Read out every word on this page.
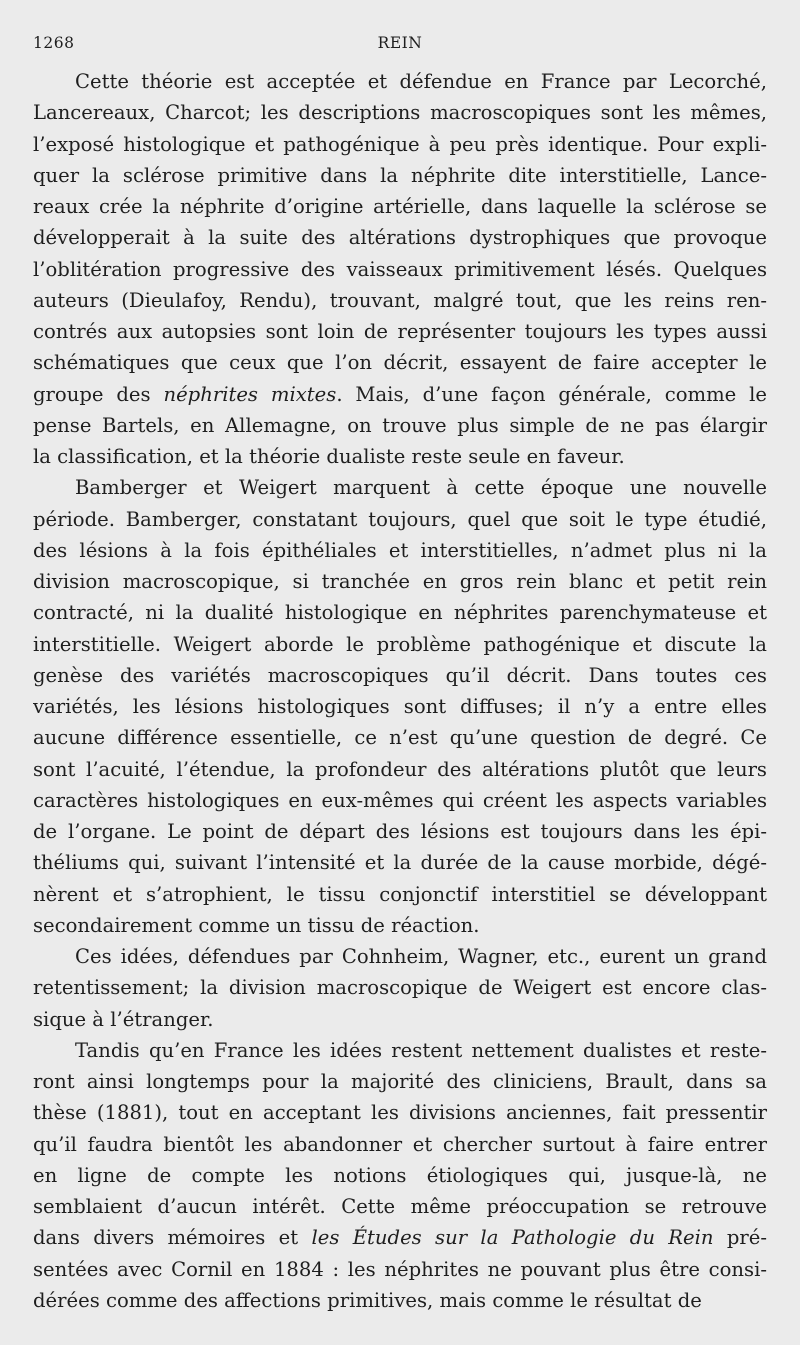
1268	REIN
Cette théorie est acceptée et défendue en France par Lecorché,
Lancereaux, Charcot; les descriptions macroscopiques sont les mêmes,
l’exposé histologique et pathogénique à peu près identique. Pour expli-
quer la sclérose primitive dans la néphrite dite interstitielle, Lance-
reaux crée la néphrite d’origine artérielle, dans laquelle la sclérose se
développerait à la suite des altérations dystrophiques que provoque
l’oblitération progressive des vaisseaux primitivement lésés. Quelques
auteurs (Dieulafoy, Rendu), trouvant, malgré tout, que les reins ren-
contrés aux autopsies sont loin de représenter toujours les types aussi
schématiques que ceux que l’on décrit, essayent de faire accepter le
groupe des néphrites mixtes. Mais, d’une façon générale, comme le
pense Bartels, en Allemagne, on trouve plus simple de ne pas élargir
la classification, et la théorie dualiste reste seule en faveur.
Bamberger et Weigert marquent à cette époque une nouvelle
période. Bamberger, constatant toujours, quel que soit le type étudié,
des lésions à la fois épithéliales et interstitielles, n’admet plus ni la
division macroscopique, si tranchée en gros rein blanc et petit rein
contracté, ni la dualité histologique en néphrites parenchymateuse et
interstitielle. Weigert aborde le problème pathogénique et discute la
genèse des variétés macroscopiques qu’il décrit. Dans toutes ces
variétés, les lésions histologiques sont diffuses; il n’y a entre elles
aucune différence essentielle, ce n’est qu’une question de degré. Ce
sont l’acuité, l’étendue, la profondeur des altérations plutôt que leurs
caractères histologiques en eux-mêmes qui créent les aspects variables
de l’organe. Le point de départ des lésions est toujours dans les épi-
théliums qui, suivant l’intensité et la durée de la cause morbide, dégé-
nèrent et s’atrophient, le tissu conjonctif interstitiel se développant
secondairement comme un tissu de réaction.
Ces idées, défendues par Cohnheim, Wagner, etc., eurent un grand
retentissement; la division macroscopique de Weigert est encore clas-
sique à l’étranger.
Tandis qu’en France les idées restent nettement dualistes et reste-
ront ainsi longtemps pour la majorité des cliniciens, Brault, dans sa
thèse (1881), tout en acceptant les divisions anciennes, fait pressentir
qu’il faudra bientôt les abandonner et chercher surtout à faire entrer
en ligne de compte les notions étiologiques qui, jusque-là, ne
semblaient d’aucun intérêt. Cette même préoccupation se retrouve
dans divers mémoires et les Études sur la Pathologie du Rein pré-
sentées avec Cornil en 1884 : les néphrites ne pouvant plus être consi-
dérées comme des affections primitives, mais comme le résultat de
